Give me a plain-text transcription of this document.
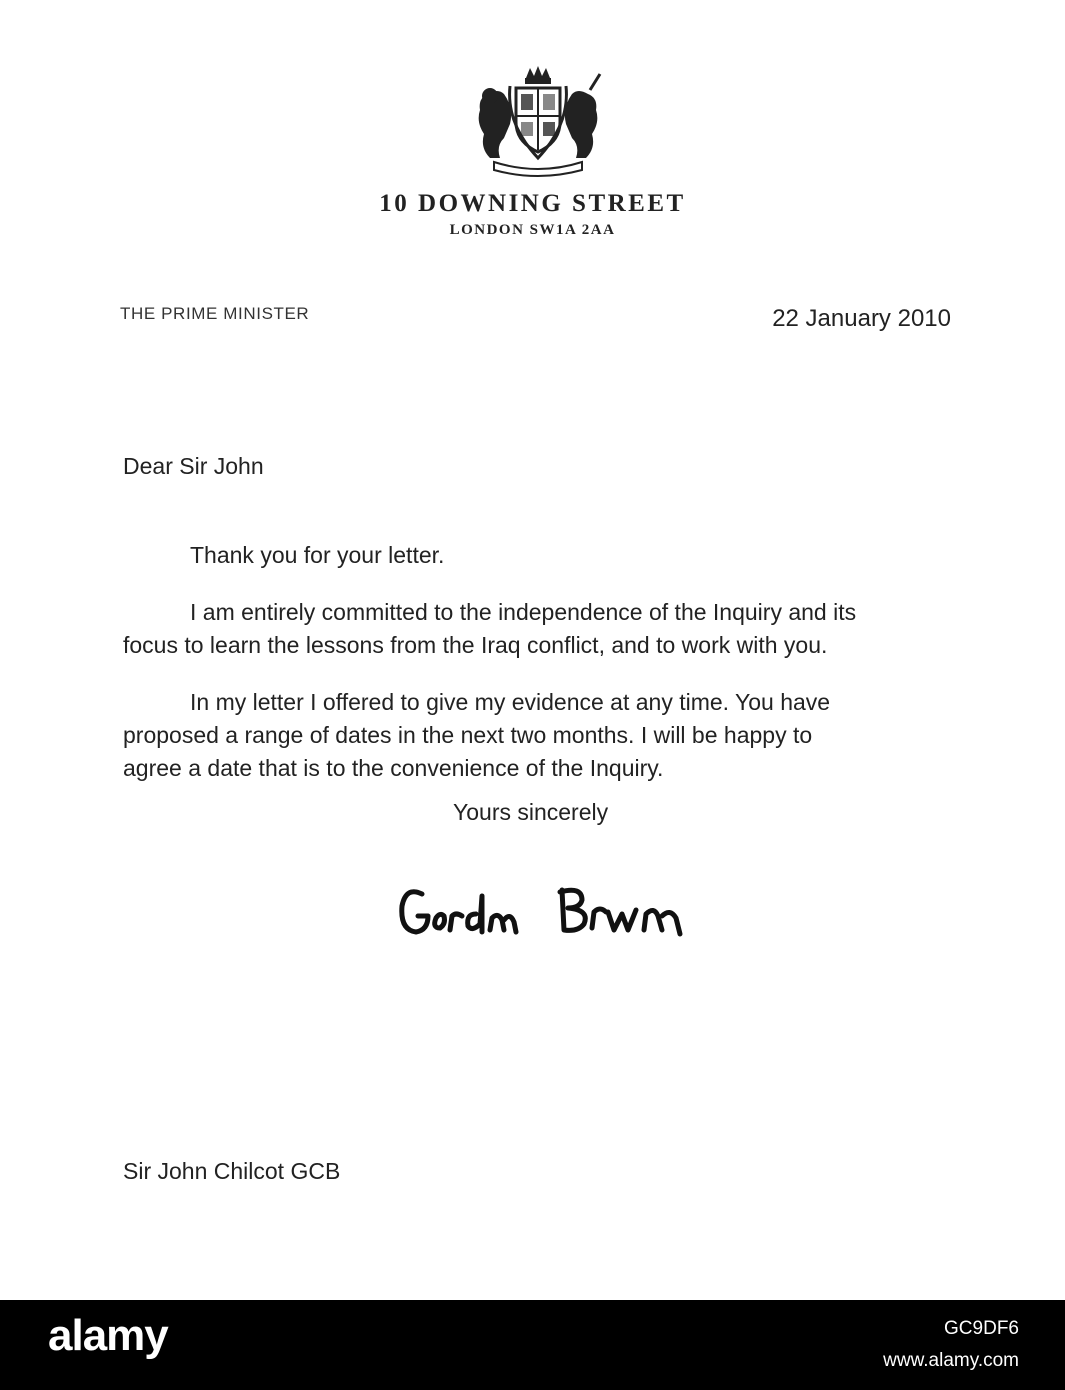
10 DOWNING STREET
LONDON SW1A 2AA
THE PRIME MINISTER	22 January 2010
Dear Sir John

Thank you for your letter.

I am entirely committed to the independence of the Inquiry and its
focus to learn the lessons from the Iraq conflict, and to work with you.

In my letter I offered to give my evidence at any time. You have
proposed a range of dates in the next two months. I will be happy to
agree a date that is to the convenience of the Inquiry.

Yours sincerely
Sir John Chilcot GCB
alamy	GC9DF6
www.alamy.com
